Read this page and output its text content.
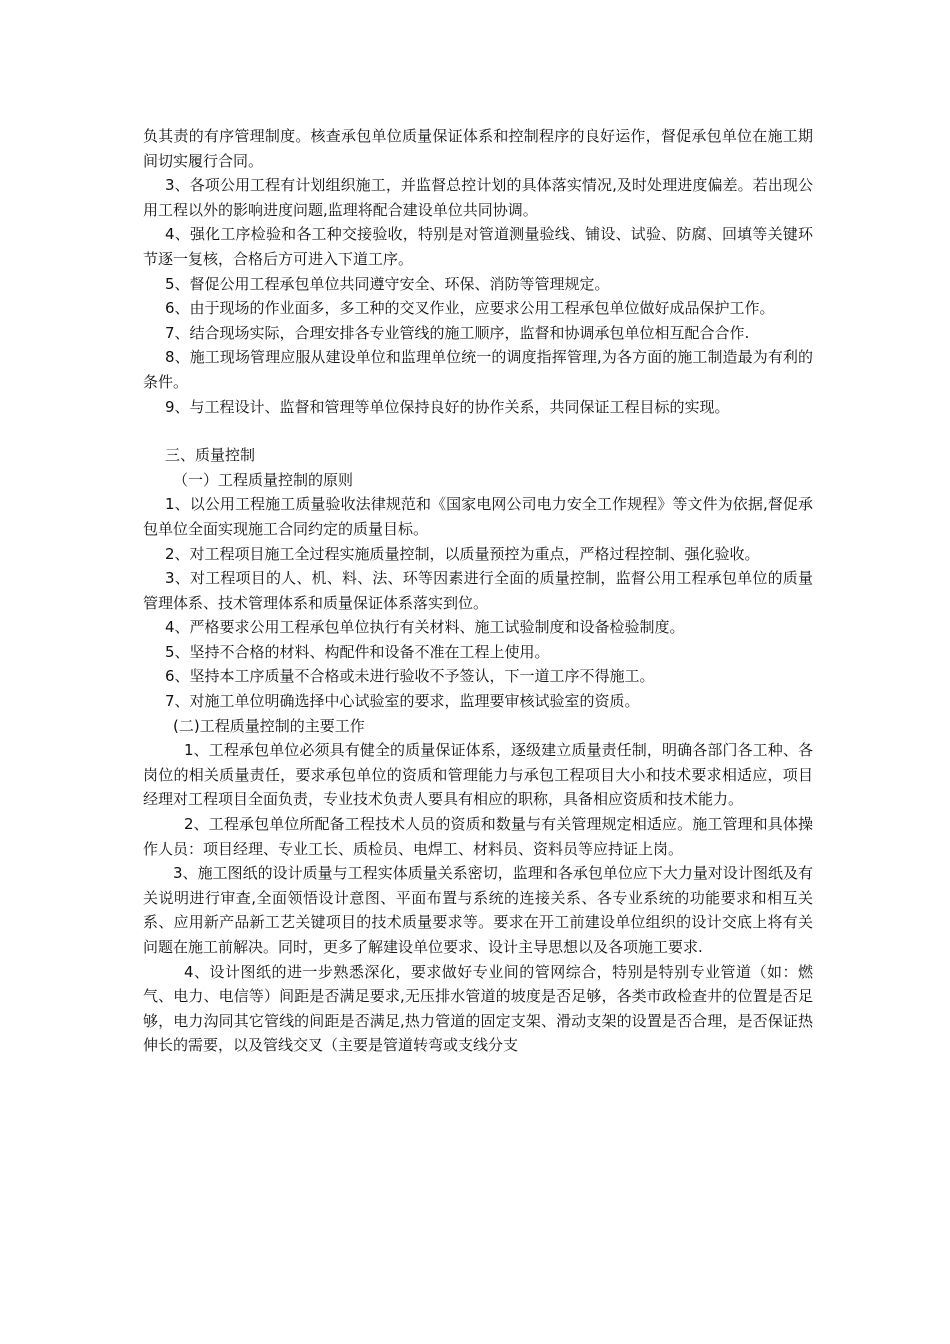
负其责的有序管理制度。核查承包单位质量保证体系和控制程序的良好运作，督促承包单位在施工期间切实履行合同。

3、各项公用工程有计划组织施工，并监督总控计划的具体落实情况,及时处理进度偏差。若出现公用工程以外的影响进度问题,监理将配合建设单位共同协调。

4、强化工序检验和各工种交接验收，特别是对管道测量验线、铺设、试验、防腐、回填等关键环节逐一复核，合格后方可进入下道工序。

5、督促公用工程承包单位共同遵守安全、环保、消防等管理规定。

6、由于现场的作业面多，多工种的交叉作业，应要求公用工程承包单位做好成品保护工作。

7、结合现场实际，合理安排各专业管线的施工顺序，监督和协调承包单位相互配合合作.

8、施工现场管理应服从建设单位和监理单位统一的调度指挥管理,为各方面的施工制造最为有利的条件。

9、与工程设计、监督和管理等单位保持良好的协作关系，共同保证工程目标的实现。

三、质量控制

（一）工程质量控制的原则

1、以公用工程施工质量验收法律规范和《国家电网公司电力安全工作规程》等文件为依据,督促承包单位全面实现施工合同约定的质量目标。

2、对工程项目施工全过程实施质量控制，以质量预控为重点，严格过程控制、强化验收。

3、对工程项目的人、机、料、法、环等因素进行全面的质量控制，监督公用工程承包单位的质量管理体系、技术管理体系和质量保证体系落实到位。

4、严格要求公用工程承包单位执行有关材料、施工试验制度和设备检验制度。

5、坚持不合格的材料、构配件和设备不准在工程上使用。

6、坚持本工序质量不合格或未进行验收不予签认，下一道工序不得施工。

7、对施工单位明确选择中心试验室的要求，监理要审核试验室的资质。

(二)工程质量控制的主要工作

1、工程承包单位必须具有健全的质量保证体系，逐级建立质量责任制，明确各部门各工种、各岗位的相关质量责任，要求承包单位的资质和管理能力与承包工程项目大小和技术要求相适应，项目经理对工程项目全面负责，专业技术负责人要具有相应的职称，具备相应资质和技术能力。

2、工程承包单位所配备工程技术人员的资质和数量与有关管理规定相适应。施工管理和具体操作人员：项目经理、专业工长、质检员、电焊工、材料员、资料员等应持证上岗。

3、施工图纸的设计质量与工程实体质量关系密切，监理和各承包单位应下大力量对设计图纸及有关说明进行审查,全面领悟设计意图、平面布置与系统的连接关系、各专业系统的功能要求和相互关系、应用新产品新工艺关键项目的技术质量要求等。要求在开工前建设单位组织的设计交底上将有关问题在施工前解决。同时，更多了解建设单位要求、设计主导思想以及各项施工要求.

4、设计图纸的进一步熟悉深化，要求做好专业间的管网综合，特别是特别专业管道（如：燃气、电力、电信等）间距是否满足要求,无压排水管道的坡度是否足够，各类市政检查井的位置是否足够，电力沟同其它管线的间距是否满足,热力管道的固定支架、滑动支架的设置是否合理，是否保证热伸长的需要，以及管线交叉（主要是管道转弯或支线分支
